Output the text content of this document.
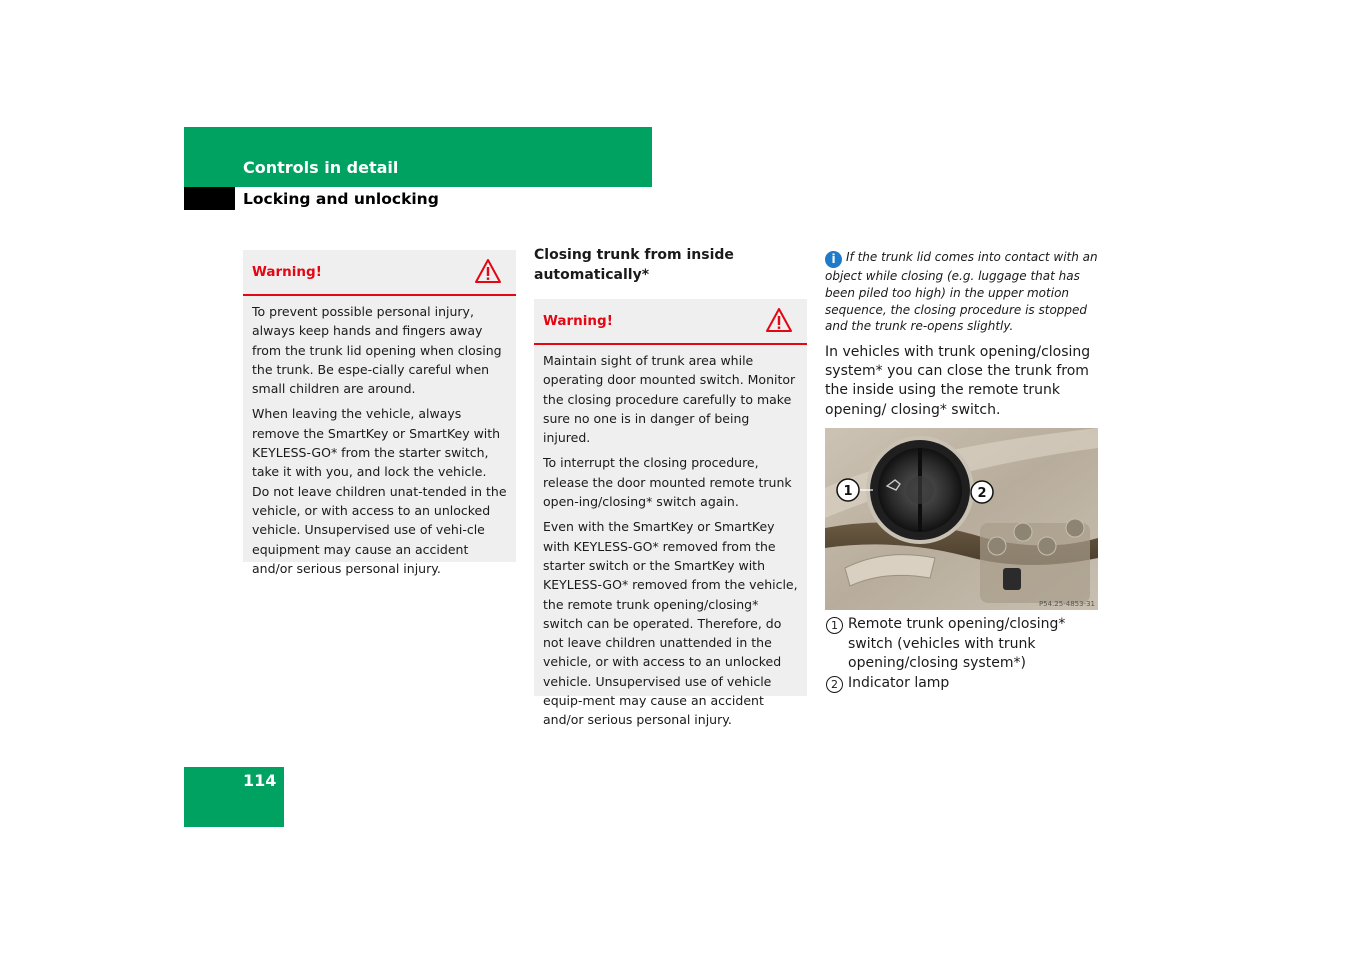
Controls in detail
Locking and unlocking
Warning!

To prevent possible personal injury, always keep hands and fingers away from the trunk lid opening when closing the trunk. Be espe-cially careful when small children are around.

When leaving the vehicle, always remove the SmartKey or SmartKey with KEYLESS-GO* from the starter switch, take it with you, and lock the vehicle. Do not leave children unat-tended in the vehicle, or with access to an unlocked vehicle. Unsupervised use of vehi-cle equipment may cause an accident and/or serious personal injury.

Closing trunk from inside automatically*
Warning!

Maintain sight of trunk area while operating door mounted switch. Monitor the closing procedure carefully to make sure no one is in danger of being injured.

To interrupt the closing procedure, release the door mounted remote trunk open-ing/closing* switch again.

Even with the SmartKey or SmartKey with KEYLESS-GO* removed from the starter switch or the SmartKey with KEYLESS-GO* removed from the vehicle, the remote trunk opening/closing* switch can be operated. Therefore, do not leave children unattended in the vehicle, or with access to an unlocked vehicle. Unsupervised use of vehicle equip-ment may cause an accident and/or serious personal injury.

i If the trunk lid comes into contact with an object while closing (e.g. luggage that has been piled too high) in the upper motion sequence, the closing procedure is stopped and the trunk re-opens slightly.
In vehicles with trunk opening/closing system* you can close the trunk from the inside using the remote trunk opening/ closing* switch.
1	2
P54.25-4853-31
1 Remote trunk opening/closing* switch (vehicles with trunk opening/closing system*)
2 Indicator lamp
114
